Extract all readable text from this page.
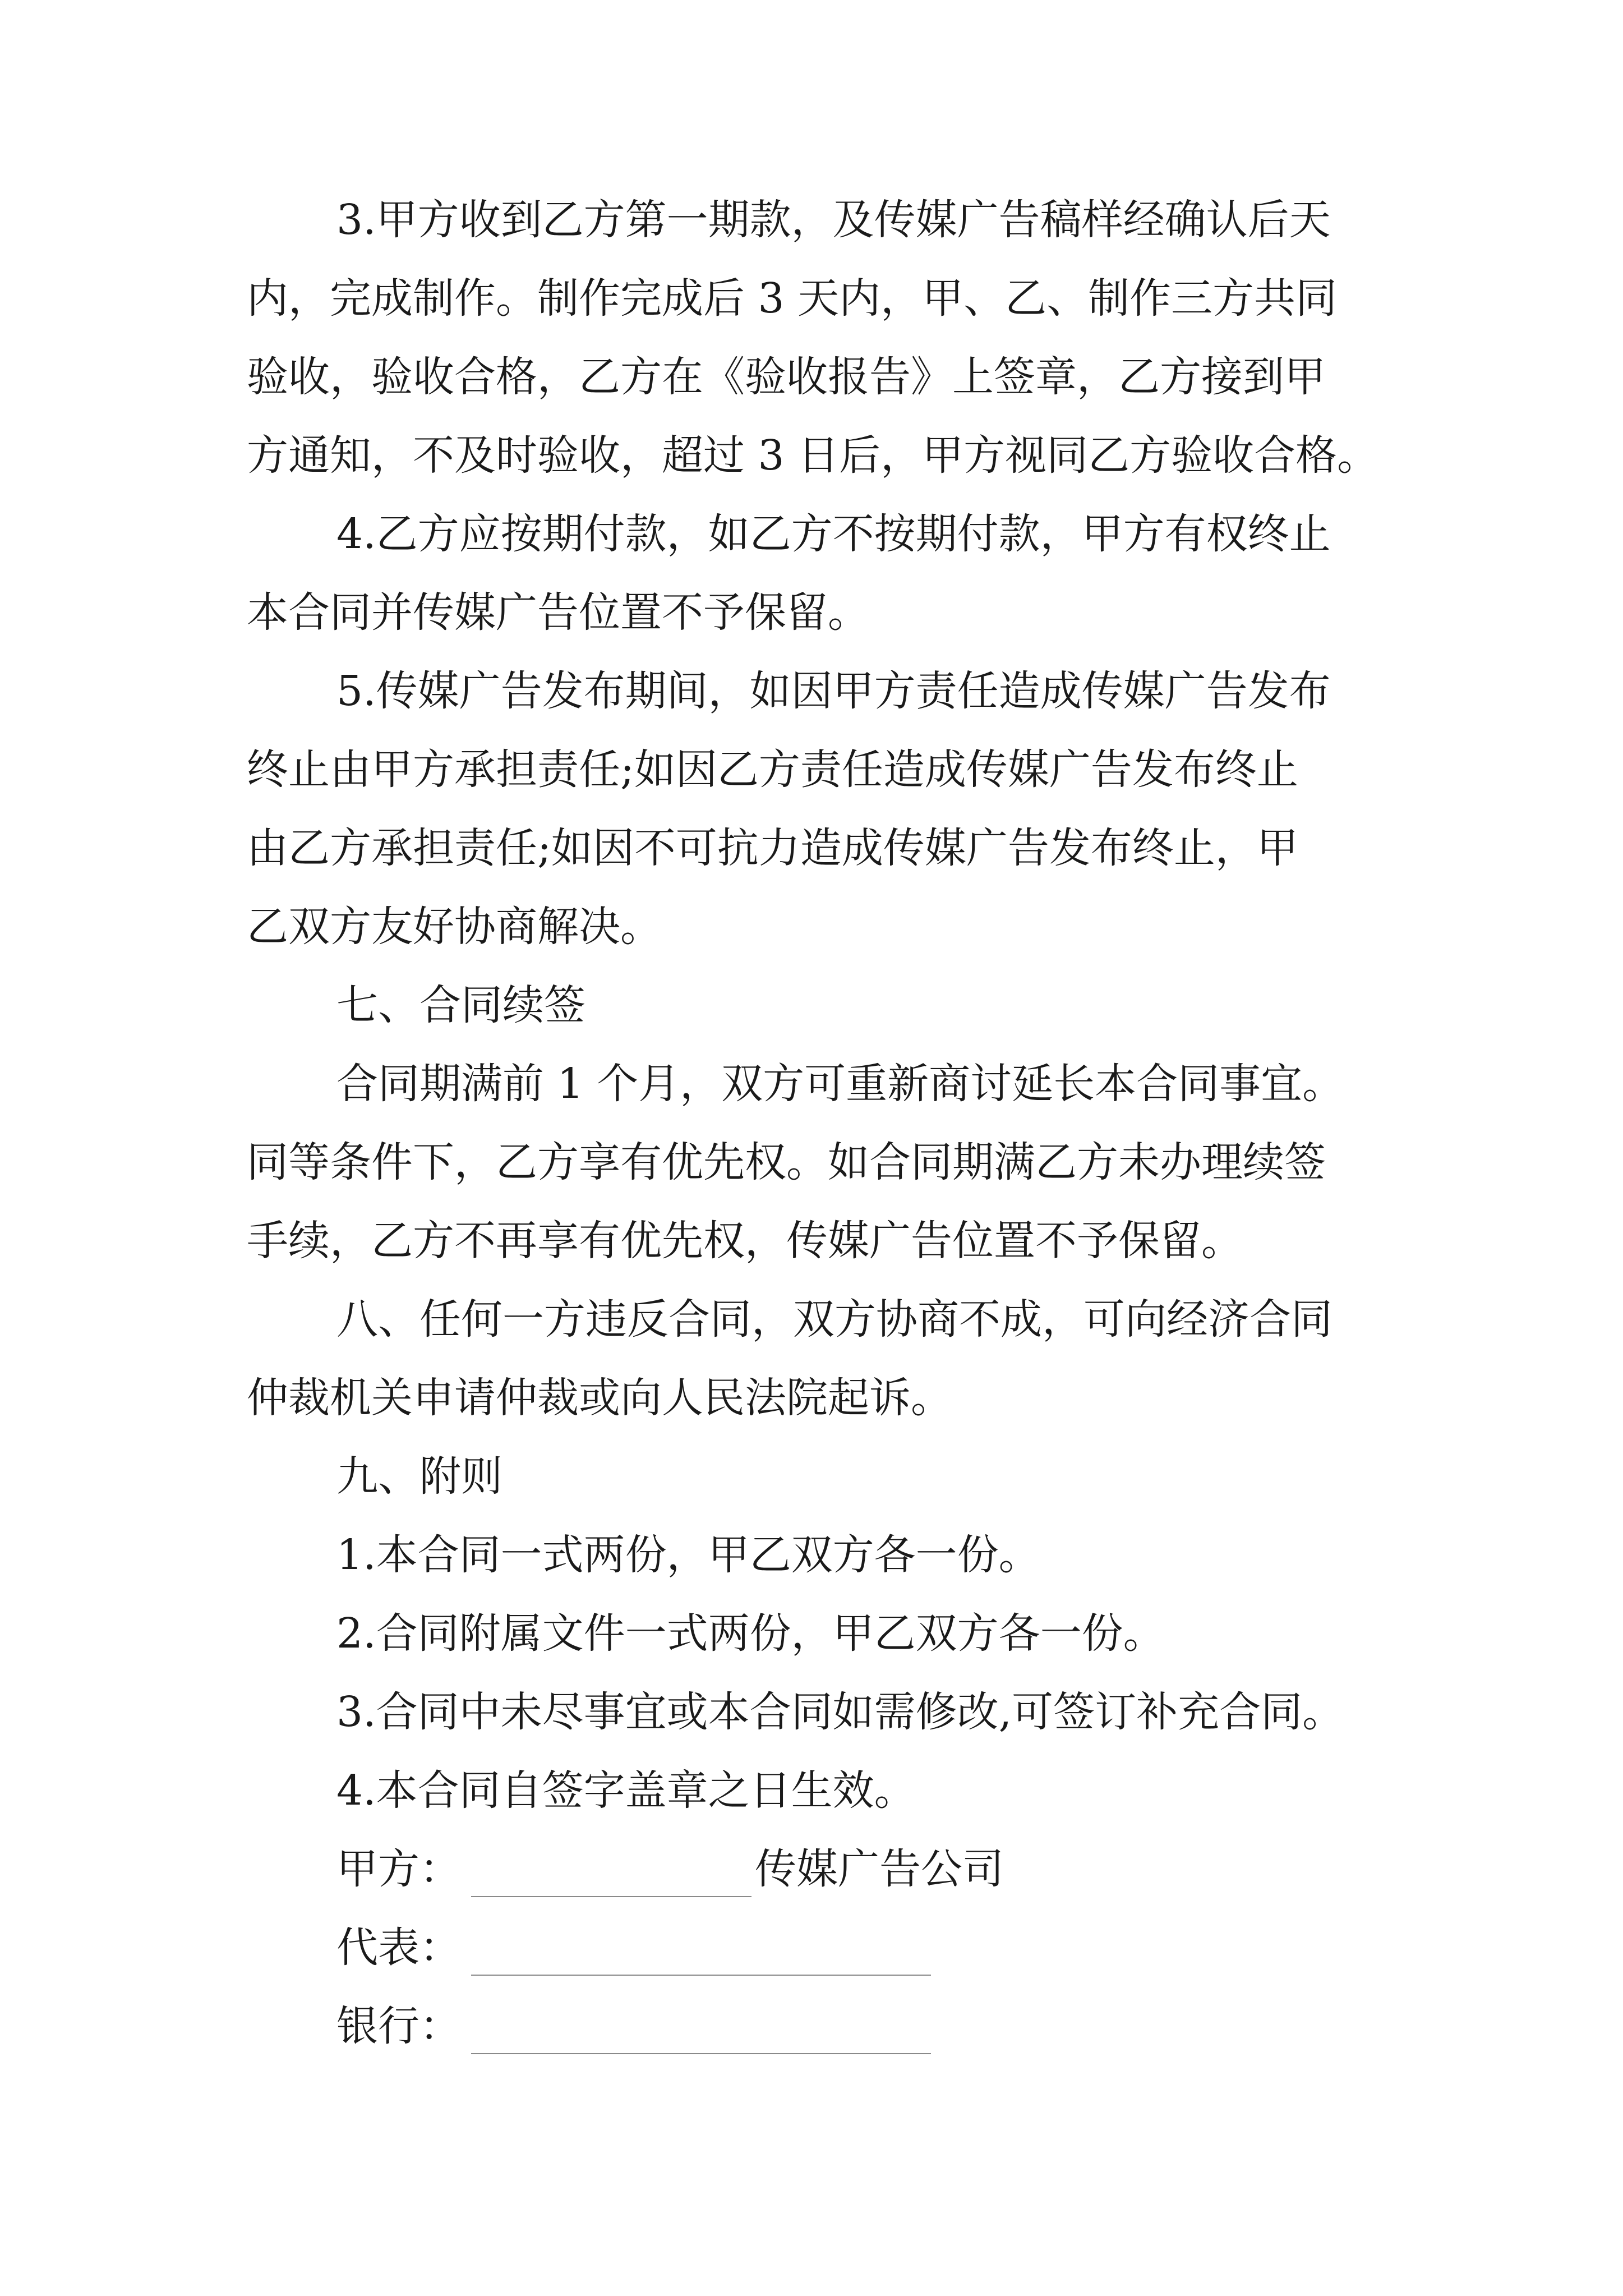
3.甲方收到乙方第一期款，及传媒广告稿样经确认后天
内，完成制作。制作完成后 3 天内，甲、乙、制作三方共同
验收，验收合格，乙方在《验收报告》上签章，乙方接到甲
方通知，不及时验收，超过 3 日后，甲方视同乙方验收合格。
4.乙方应按期付款，如乙方不按期付款，甲方有权终止
本合同并传媒广告位置不予保留。
5.传媒广告发布期间，如因甲方责任造成传媒广告发布
终止由甲方承担责任;如因乙方责任造成传媒广告发布终止
由乙方承担责任;如因不可抗力造成传媒广告发布终止，甲
乙双方友好协商解决。
七、合同续签
合同期满前 1 个月，双方可重新商讨延长本合同事宜。
同等条件下，乙方享有优先权。如合同期满乙方未办理续签
手续，乙方不再享有优先权，传媒广告位置不予保留。
八、任何一方违反合同，双方协商不成，可向经济合同
仲裁机关申请仲裁或向人民法院起诉。
九、附则
1.本合同一式两份，甲乙双方各一份。
2.合同附属文件一式两份，甲乙双方各一份。
3.合同中未尽事宜或本合同如需修改,可签订补充合同。
4.本合同自签字盖章之日生效。
甲方：	传媒广告公司
代表：
银行：
